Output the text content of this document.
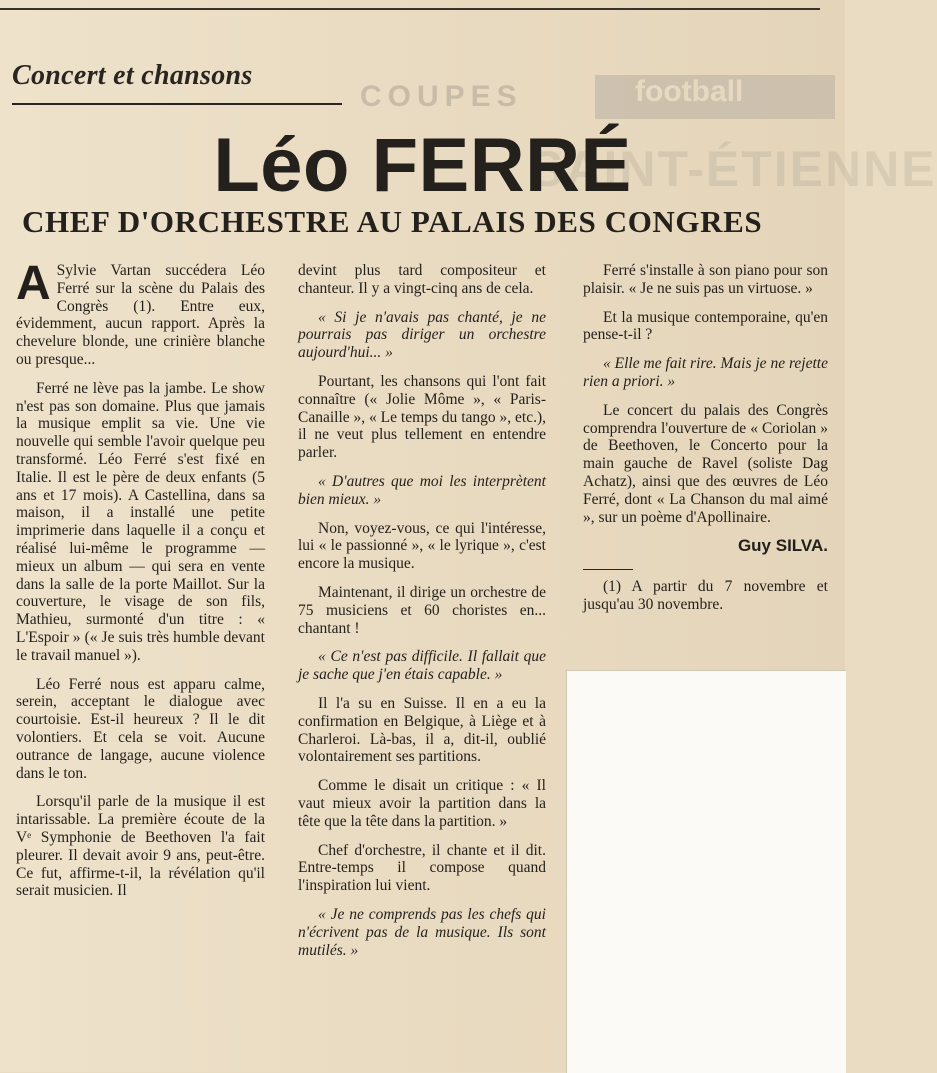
COUPES	football
SAINT-ÉTIENNE
Concert et chansons
Léo FERRÉ
CHEF D'ORCHESTRE AU PALAIS DES CONGRES

A Sylvie Vartan succédera Léo Ferré sur la scène du Palais des Congrès (1). Entre eux, évidemment, aucun rapport. Après la chevelure blonde, une crinière blanche ou presque...

Ferré ne lève pas la jambe. Le show n'est pas son domaine. Plus que jamais la musique emplit sa vie. Une vie nouvelle qui semble l'avoir quelque peu transformé. Léo Ferré s'est fixé en Italie. Il est le père de deux enfants (5 ans et 17 mois). A Castellina, dans sa maison, il a installé une petite imprimerie dans laquelle il a conçu et réalisé lui-même le programme — mieux un album — qui sera en vente dans la salle de la porte Maillot. Sur la couverture, le visage de son fils, Mathieu, surmonté d'un titre : « L'Espoir » (« Je suis très humble devant le travail manuel »).

Léo Ferré nous est apparu calme, serein, acceptant le dialogue avec courtoisie. Est-il heureux ? Il le dit volontiers. Et cela se voit. Aucune outrance de langage, aucune violence dans le ton.

Lorsqu'il parle de la musique il est intarissable. La première écoute de la Vᵉ Symphonie de Beethoven l'a fait pleurer. Il devait avoir 9 ans, peut-être. Ce fut, affirme-t-il, la révélation qu'il serait musicien. Il

devint plus tard compositeur et chanteur. Il y a vingt-cinq ans de cela.

« Si je n'avais pas chanté, je ne pourrais pas diriger un orchestre aujourd'hui... »

Pourtant, les chansons qui l'ont fait connaître (« Jolie Môme », « Paris-Canaille », « Le temps du tango », etc.), il ne veut plus tellement en entendre parler.

« D'autres que moi les interprètent bien mieux. »

Non, voyez-vous, ce qui l'intéresse, lui « le passionné », « le lyrique », c'est encore la musique.

Maintenant, il dirige un orchestre de 75 musiciens et 60 choristes en... chantant !

« Ce n'est pas difficile. Il fallait que je sache que j'en étais capable. »

Il l'a su en Suisse. Il en a eu la confirmation en Belgique, à Liège et à Charleroi. Là-bas, il a, dit-il, oublié volontairement ses partitions.

Comme le disait un critique : « Il vaut mieux avoir la partition dans la tête que la tête dans la partition. »

Chef d'orchestre, il chante et il dit. Entre-temps il compose quand l'inspiration lui vient.

« Je ne comprends pas les chefs qui n'écrivent pas de la musique. Ils sont mutilés. »

Ferré s'installe à son piano pour son plaisir. « Je ne suis pas un virtuose. »

Et la musique contemporaine, qu'en pense-t-il ?

« Elle me fait rire. Mais je ne rejette rien a priori. »

Le concert du palais des Congrès comprendra l'ouverture de « Coriolan » de Beethoven, le Concerto pour la main gauche de Ravel (soliste Dag Achatz), ainsi que des œuvres de Léo Ferré, dont « La Chanson du mal aimé », sur un poème d'Apollinaire.

Guy SILVA.

(1) A partir du 7 novembre et jusqu'au 30 novembre.
